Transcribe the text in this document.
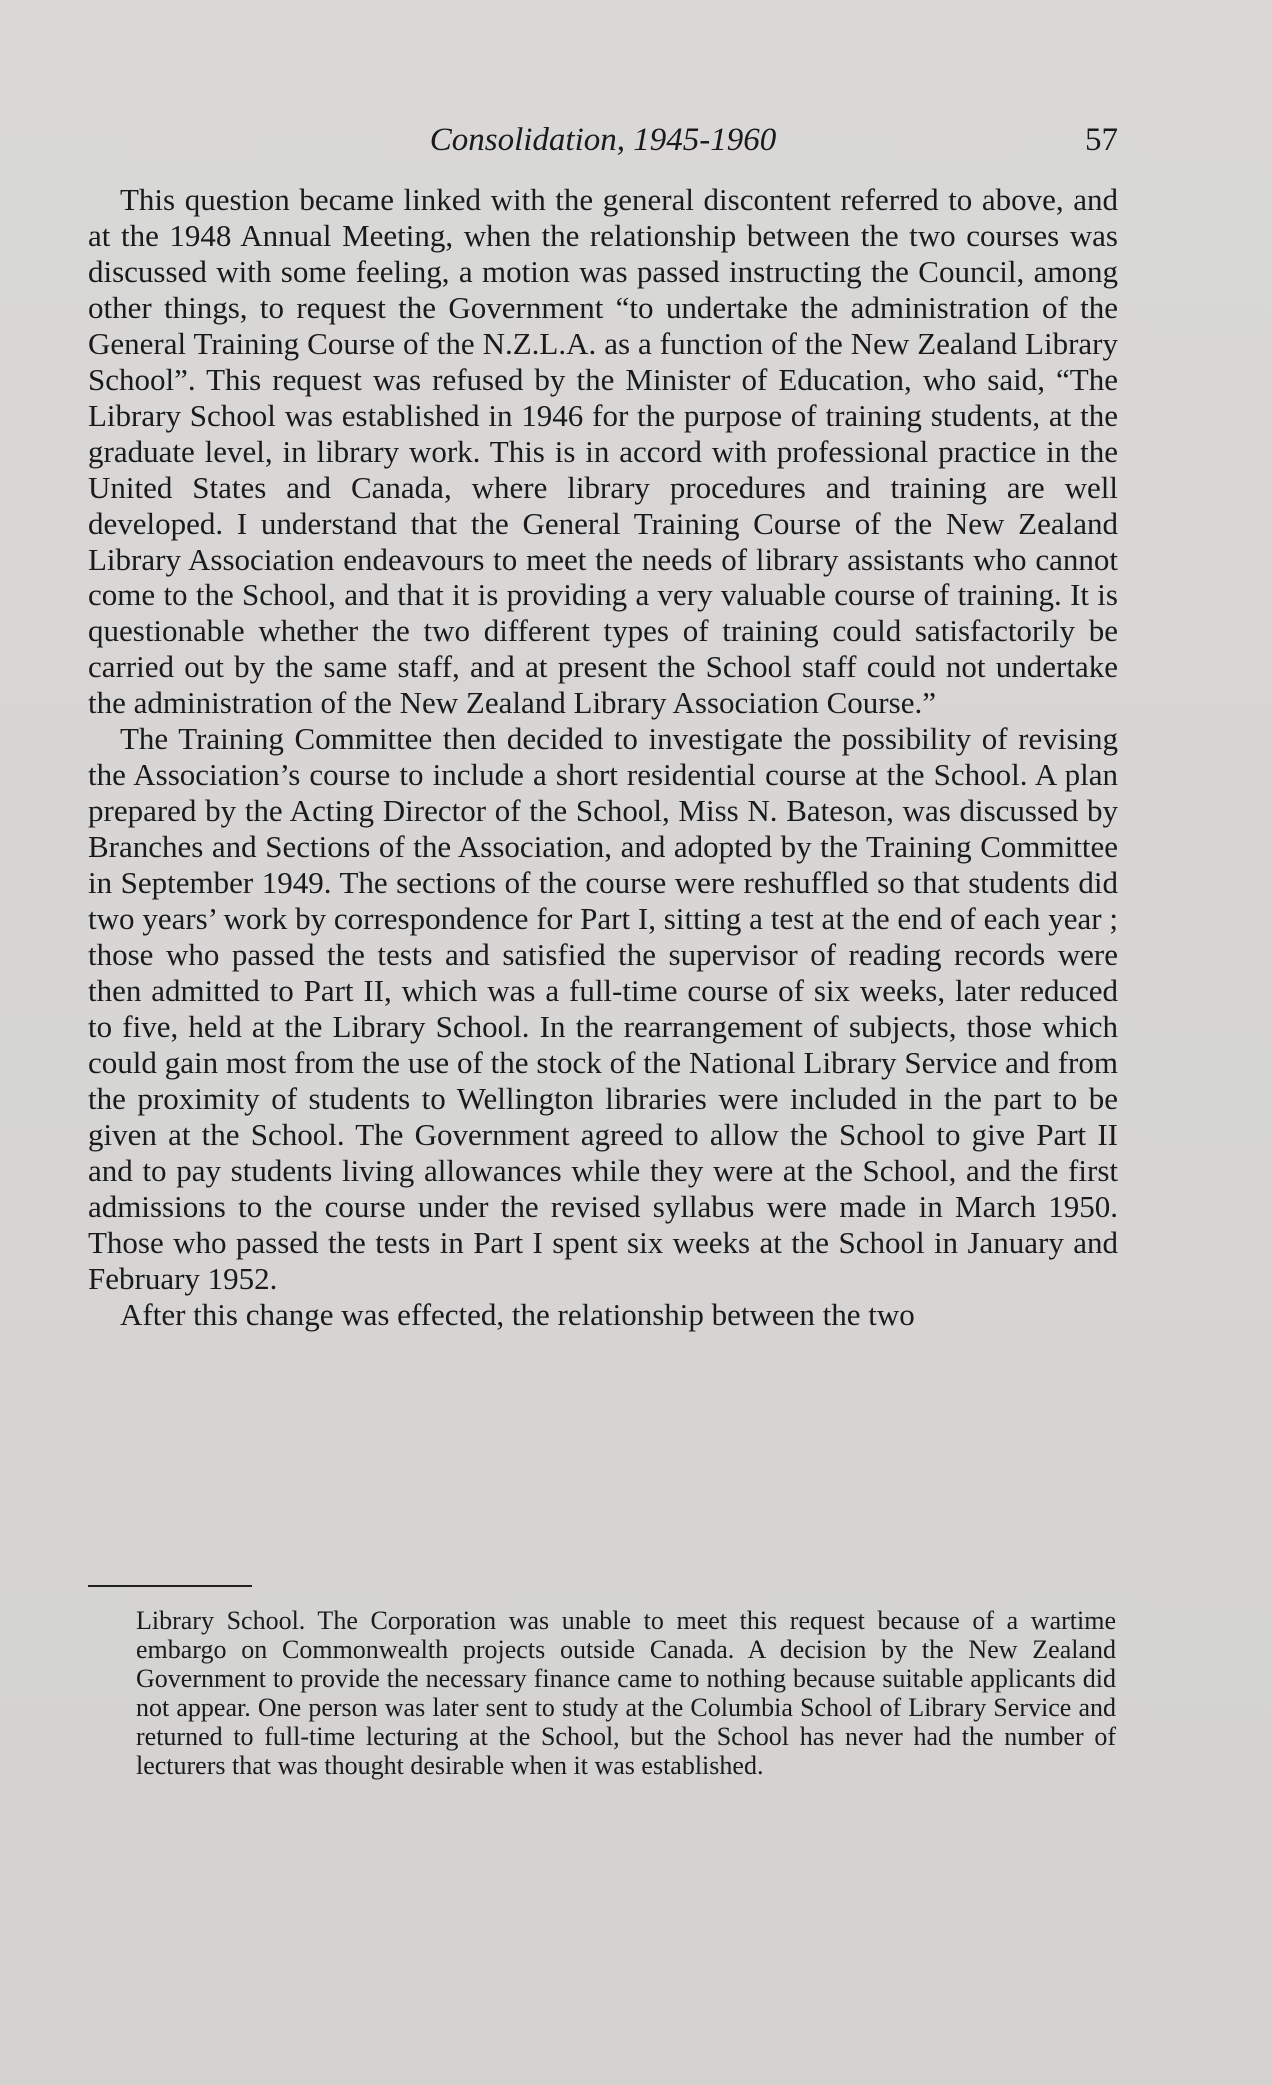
Consolidation, 1945-1960	57

This question became linked with the general discontent referred to above, and at the 1948 Annual Meeting, when the relationship between the two courses was discussed with some feeling, a motion was passed instructing the Council, among other things, to request the Government “to undertake the administration of the General Training Course of the N.Z.L.A. as a function of the New Zealand Library School”. This request was refused by the Minister of Education, who said, “The Library School was established in 1946 for the purpose of training students, at the graduate level, in library work. This is in accord with professional practice in the United States and Canada, where library procedures and training are well developed. I understand that the General Training Course of the New Zealand Library Association endeavours to meet the needs of library assistants who cannot come to the School, and that it is providing a very valuable course of training. It is questionable whether the two different types of training could satisfactorily be carried out by the same staff, and at present the School staff could not undertake the administration of the New Zealand Library Association Course.”

The Training Committee then decided to investigate the possibility of revising the Association’s course to include a short residential course at the School. A plan prepared by the Acting Director of the School, Miss N. Bateson, was discussed by Branches and Sections of the Association, and adopted by the Training Committee in September 1949. The sections of the course were reshuffled so that students did two years’ work by correspondence for Part I, sitting a test at the end of each year ; those who passed the tests and satisfied the supervisor of reading records were then admitted to Part II, which was a full-time course of six weeks, later reduced to five, held at the Library School. In the rearrangement of subjects, those which could gain most from the use of the stock of the National Library Service and from the proximity of students to Wellington libraries were included in the part to be given at the School. The Government agreed to allow the School to give Part II and to pay students living allowances while they were at the School, and the first admissions to the course under the revised syllabus were made in March 1950. Those who passed the tests in Part I spent six weeks at the School in January and February 1952.

After this change was effected, the relationship between the two

Library School. The Corporation was unable to meet this request because of a wartime embargo on Commonwealth projects outside Canada. A decision by the New Zealand Government to provide the necessary finance came to nothing because suitable applicants did not appear. One person was later sent to study at the Columbia School of Library Service and returned to full-time lecturing at the School, but the School has never had the number of lecturers that was thought desirable when it was established.
